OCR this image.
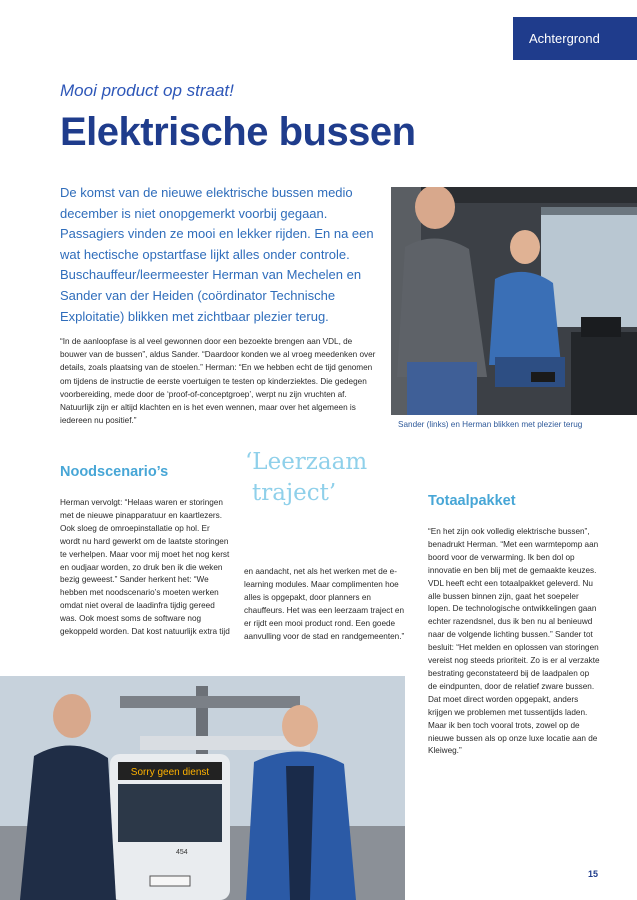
Achtergrond
Mooi product op straat!
Elektrische bussen
De komst van de nieuwe elektrische bussen medio december is niet onopgemerkt voorbij gegaan. Passagiers vinden ze mooi en lekker rijden. En na een wat hectische opstartfase lijkt alles onder controle. Buschauffeur/leermeester Herman van Mechelen en Sander van der Heiden (coördinator Technische Exploitatie) blikken met zichtbaar plezier terug.
“In de aanloopfase is al veel gewonnen door een bezoekte brengen aan VDL, de bouwer van de bussen”, aldus Sander. “Daardoor konden we al vroeg meedenken over details, zoals plaatsing van de stoelen.” Herman: “En we hebben echt de tijd genomen om tijdens de instructie de eerste voertuigen te testen op kinderziektes. Die gedegen voorbereiding, mede door de ‘proof-of-conceptgroep’, werpt nu zijn vruchten af. Natuurlijk zijn er altijd klachten en is het even wennen, maar over het algemeen is iedereen nu positief.”	Sander (links) en Herman blikken met plezier terug
Noodscenario’s	‘Leerzaam
traject’	Totaalpakket
Herman vervolgt: “Helaas waren er storingen met de nieuwe pinapparatuur en kaartlezers. Ook sloeg de omroepinstallatie op hol. Er wordt nu hard gewerkt om de laatste storingen te verhelpen. Maar voor mij moet het nog kerst en oudjaar worden, zo druk ben ik die weken bezig geweest.” Sander herkent het: “We hebben met noodscenario’s moeten werken omdat niet overal de laadinfra tijdig gereed was. Ook moest soms de software nog gekoppeld worden. Dat kost natuurlijk extra tijd
en aandacht, net als het werken met de e-learning modules. Maar complimenten hoe alles is opgepakt, door planners en chauffeurs. Het was een leerzaam traject en er rijdt een mooi product rond. Een goede aanvulling voor de stad en randgemeenten.”
“En het zijn ook volledig elektrische bussen”, benadrukt Herman. “Met een warmtepomp aan boord voor de verwarming. Ik ben dol op innovatie en ben blij met de gemaakte keuzes. VDL heeft echt een totaalpakket geleverd. Nu alle bussen binnen zijn, gaat het soepeler lopen. De technologische ontwikkelingen gaan echter razendsnel, dus ik ben nu al benieuwd naar de volgende lichting bussen.” Sander tot besluit: “Het melden en oplossen van storingen vereist nog steeds prioriteit. Zo is er al verzakte bestrating geconstateerd bij de laadpalen op de eindpunten, door de relatief zware bussen. Dat moet direct worden opgepakt, anders krijgen we problemen met tussentijds laden. Maar ik ben toch vooral trots, zowel op de nieuwe bussen als op onze luxe locatie aan de Kleiweg.”
Sorry geen dienst
454
15
